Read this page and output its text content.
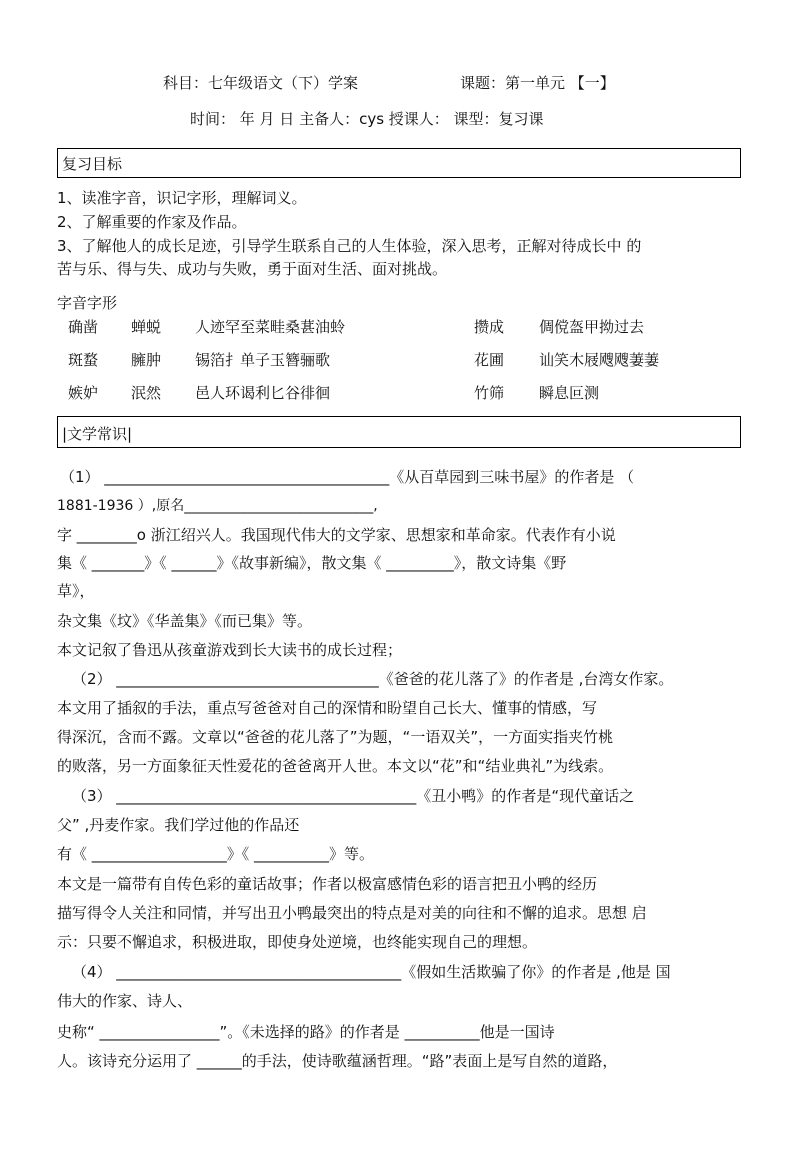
科目：七年级语文（下）学案	课题：第一单元 【一】
时间： 年 月 日 主备人：cys 授课人： 课型：复习课
复习目标
1、读准字音，识记字形，理解词义。
2、了解重要的作家及作品。
3、了解他人的成长足迹，引导学生联系自己的人生体验，深入思考，正解对待成长中 的
苦与乐、得与失、成功与失败，勇于面对生活、面对挑战。
字音字形
确凿 蝉蜕 人迹罕至菜畦桑葚油蛉	攒成 倜傥盔甲拗过去
斑蝥 臃肿 锡箔扌单子玉簪骊歌	花圃 讪笑木屐飕飕萋萋
嫉妒 泯然 邑人环谒利匕谷徘徊	竹筛 瞬息叵测
|文学常识|
（1） ______________________________________《从百草园到三味书屋》的作者是 （
1881-1936 ）,原名___________________________,
字 ________o 浙江绍兴人。我国现代伟大的文学家、思想家和革命家。代表作有小说
集《 _______》《 ______》《故事新编》，散文集《 _________》，散文诗集《野
草》，
杂文集《坟》《华盖集》《而已集》等。
本文记叙了鲁迅从孩童游戏到长大读书的成长过程；
（2） ___________________________________《爸爸的花儿落了》的作者是 ,台湾女作家。
本文用了插叙的手法，重点写爸爸对自己的深情和盼望自己长大、懂事的情感，写
得深沉，含而不露。文章以“爸爸的花儿落了”为题，“一语双关”，一方面实指夹竹桃
的败落，另一方面象征天性爱花的爸爸离开人世。本文以“花”和“结业典礼”为线索。
（3） ________________________________________《丑小鸭》的作者是“现代童话之
父” ,丹麦作家。我们学过他的作品还
有《 __________________》《 __________》等。
本文是一篇带有自传色彩的童话故事；作者以极富感情色彩的语言把丑小鸭的经历
描写得令人关注和同情，并写出丑小鸭最突出的特点是对美的向往和不懈的追求。思想 启
示：只要不懈追求，积极进取，即使身处逆境，也终能实现自己的理想。
（4） ______________________________________《假如生活欺骗了你》的作者是 ,他是 国
伟大的作家、诗人、
史称“ ________________”。《未选择的路》的作者是 __________他是一国诗
人。该诗充分运用了 ______的手法，使诗歌蕴涵哲理。“路”表面上是写自然的道路，
